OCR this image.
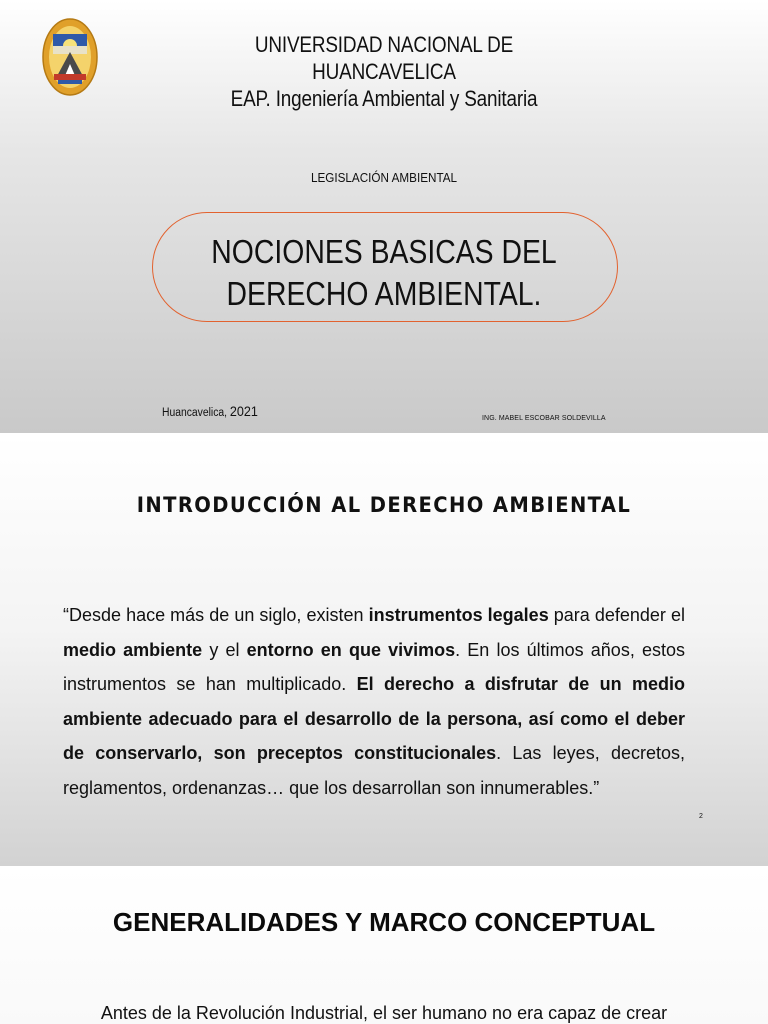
UNIVERSIDAD NACIONAL DE
HUANCAVELICA
EAP. Ingeniería Ambiental y Sanitaria
LEGISLACIÓN AMBIENTAL
NOCIONES BASICAS DEL
DERECHO AMBIENTAL.
Huancavelica, 2021	ING. MABEL ESCOBAR SOLDEVILLA
INTRODUCCIÓN AL DERECHO AMBIENTAL
“Desde hace más de un siglo, existen instrumentos legales para defender el medio ambiente y el entorno en que vivimos. En los últimos años, estos instrumentos se han multiplicado. El derecho a disfrutar de un medio ambiente adecuado para el desarrollo de la persona, así como el deber de conservarlo, son preceptos constitucionales. Las leyes, decretos, reglamentos, ordenanzas… que los desarrollan son innumerables.”
2
GENERALIDADES Y MARCO CONCEPTUAL
Antes de la Revolución Industrial, el ser humano no era capaz de crear
